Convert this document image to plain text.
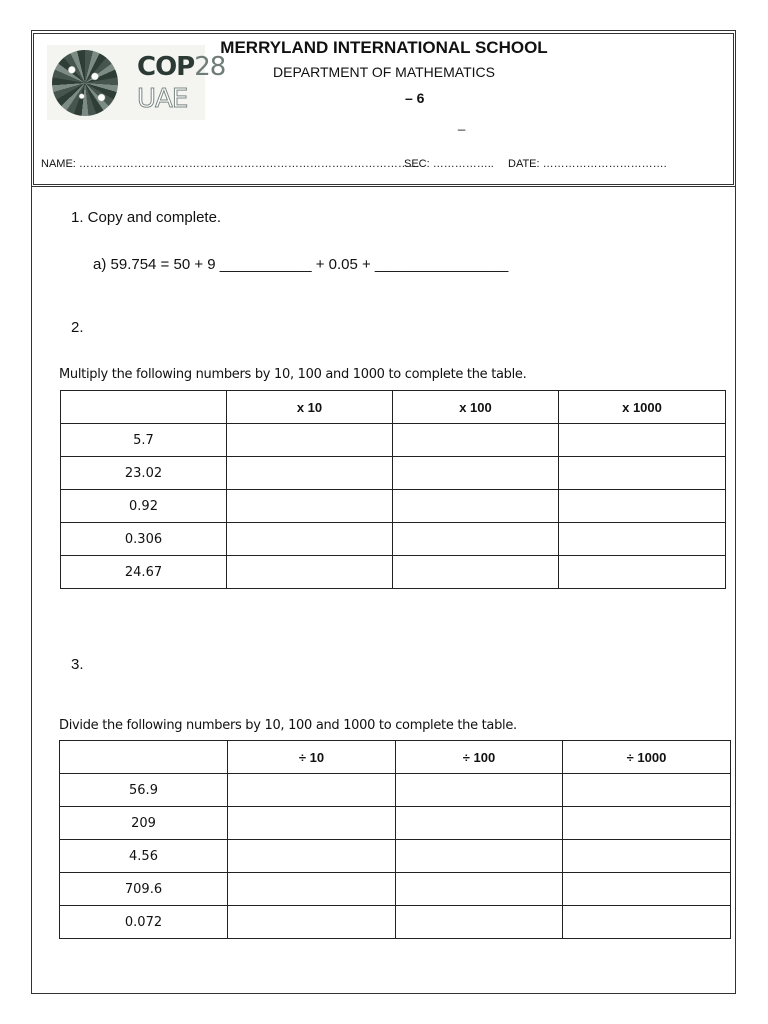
COP28
UAE
MERRYLAND INTERNATIONAL SCHOOL
DEPARTMENT OF MATHEMATICS
– 6
_
NAME: …………………………………………………………………………………
SEC: …………….. DATE: …………………………….
1. Copy and complete.
a) 59.754 = 50 + 9 ___________ + 0.05 + ________________
2.
Multiply the following numbers by 10, 100 and 1000 to complete the table.
	x 10	x 100	x 1000
5.7			
23.02			
0.92			
0.306			
24.67			
3.
Divide the following numbers by 10, 100 and 1000 to complete the table.
	÷ 10	÷ 100	÷ 1000
56.9			
209			
4.56			
709.6			
0.072			
